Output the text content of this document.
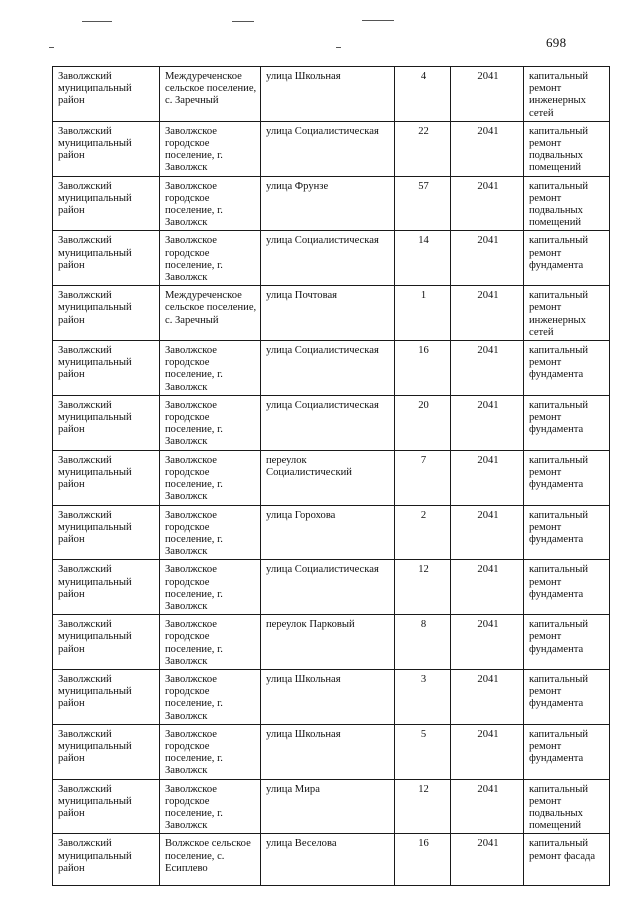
698
Заволжский муниципальный район	Междуреченское сельское поселение, с. Заречный	улица Школьная	4	2041	капитальный ремонт инженерных сетей
Заволжский муниципальный район	Заволжское городское поселение, г. Заволжск	улица Социалистическая	22	2041	капитальный ремонт подвальных помещений
Заволжский муниципальный район	Заволжское городское поселение, г. Заволжск	улица Фрунзе	57	2041	капитальный ремонт подвальных помещений
Заволжский муниципальный район	Заволжское городское поселение, г. Заволжск	улица Социалистическая	14	2041	капитальный ремонт фундамента
Заволжский муниципальный район	Междуреченское сельское поселение, с. Заречный	улица Почтовая	1	2041	капитальный ремонт инженерных сетей
Заволжский муниципальный район	Заволжское городское поселение, г. Заволжск	улица Социалистическая	16	2041	капитальный ремонт фундамента
Заволжский муниципальный район	Заволжское городское поселение, г. Заволжск	улица Социалистическая	20	2041	капитальный ремонт фундамента
Заволжский муниципальный район	Заволжское городское поселение, г. Заволжск	переулок Социалистический	7	2041	капитальный ремонт фундамента
Заволжский муниципальный район	Заволжское городское поселение, г. Заволжск	улица Горохова	2	2041	капитальный ремонт фундамента
Заволжский муниципальный район	Заволжское городское поселение, г. Заволжск	улица Социалистическая	12	2041	капитальный ремонт фундамента
Заволжский муниципальный район	Заволжское городское поселение, г. Заволжск	переулок Парковый	8	2041	капитальный ремонт фундамента
Заволжский муниципальный район	Заволжское городское поселение, г. Заволжск	улица Школьная	3	2041	капитальный ремонт фундамента
Заволжский муниципальный район	Заволжское городское поселение, г. Заволжск	улица Школьная	5	2041	капитальный ремонт фундамента
Заволжский муниципальный район	Заволжское городское поселение, г. Заволжск	улица Мира	12	2041	капитальный ремонт подвальных помещений
Заволжский муниципальный район	Волжское сельское поселение, с. Есиплево	улица Веселова	16	2041	капитальный ремонт фасада
